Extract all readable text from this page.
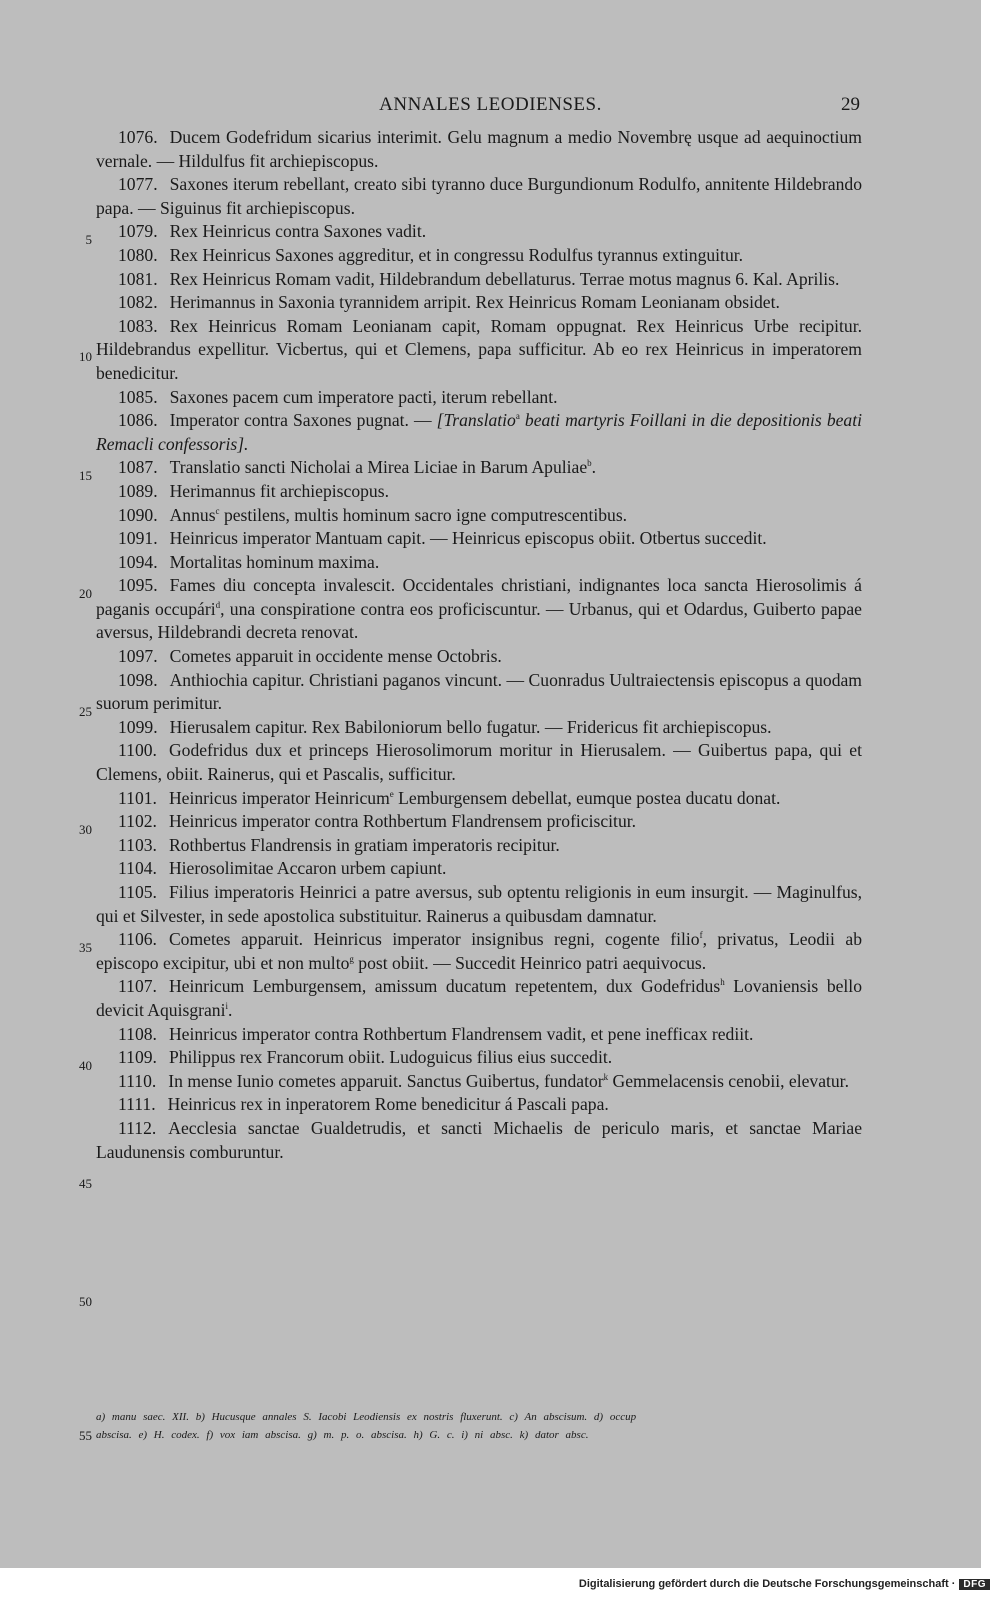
ANNALES LEODIENSES.	29
5
10
15
20
25
30
35
40
45
50
55

1076. Ducem Godefridum sicarius interimit. Gelu magnum a medio Novembrę usque ad aequinoctium vernale. — Hildulfus fit archiepiscopus.

1077. Saxones iterum rebellant, creato sibi tyranno duce Burgundionum Rodulfo, annitente Hildebrando papa. — Siguinus fit archiepiscopus.

1079. Rex Heinricus contra Saxones vadit.

1080. Rex Heinricus Saxones aggreditur, et in congressu Rodulfus tyrannus extinguitur.

1081. Rex Heinricus Romam vadit, Hildebrandum debellaturus. Terrae motus magnus 6. Kal. Aprilis.

1082. Herimannus in Saxonia tyrannidem arripit. Rex Heinricus Romam Leonianam obsidet.

1083. Rex Heinricus Romam Leonianam capit, Romam oppugnat. Rex Heinricus Urbe recipitur. Hildebrandus expellitur. Vicbertus, qui et Clemens, papa sufficitur. Ab eo rex Heinricus in imperatorem benedicitur.

1085. Saxones pacem cum imperatore pacti, iterum rebellant.

1086. Imperator contra Saxones pugnat. — [Translatio$^a$ beati martyris Foillani in die depositionis beati Remacli confessoris].

1087. Translatio sancti Nicholai a Mirea Liciae in Barum Apuliae$^b$.

1089. Herimannus fit archiepiscopus.

1090. Annus$^c$ pestilens, multis hominum sacro igne computrescentibus.

1091. Heinricus imperator Mantuam capit. — Heinricus episcopus obiit. Otbertus succedit.

1094. Mortalitas hominum maxima.

1095. Fames diu concepta invalescit. Occidentales christiani, indignantes loca sancta Hierosolimis á paganis occupári$^d$, una conspiratione contra eos proficiscuntur. — Urbanus, qui et Odardus, Guiberto papae aversus, Hildebrandi decreta renovat.

1097. Cometes apparuit in occidente mense Octobris.

1098. Anthiochia capitur. Christiani paganos vincunt. — Cuonradus Uultraiectensis episcopus a quodam suorum perimitur.

1099. Hierusalem capitur. Rex Babiloniorum bello fugatur. — Fridericus fit archiepiscopus.

1100. Godefridus dux et princeps Hierosolimorum moritur in Hierusalem. — Guibertus papa, qui et Clemens, obiit. Rainerus, qui et Pascalis, sufficitur.

1101. Heinricus imperator Heinricum$^e$ Lemburgensem debellat, eumque postea ducatu donat.

1102. Heinricus imperator contra Rothbertum Flandrensem proficiscitur.

1103. Rothbertus Flandrensis in gratiam imperatoris recipitur.

1104. Hierosolimitae Accaron urbem capiunt.

1105. Filius imperatoris Heinrici a patre aversus, sub optentu religionis in eum insurgit. — Maginulfus, qui et Silvester, in sede apostolica substituitur. Rainerus a quibusdam damnatur.

1106. Cometes apparuit. Heinricus imperator insignibus regni, cogente filio$^f$, privatus, Leodii ab episcopo excipitur, ubi et non multo$^g$ post obiit. — Succedit Heinrico patri aequivocus.

1107. Heinricum Lemburgensem, amissum ducatum repetentem, dux Godefridus$^h$ Lovaniensis bello devicit Aquisgrani$^i$.

1108. Heinricus imperator contra Rothbertum Flandrensem vadit, et pene inefficax rediit.

1109. Philippus rex Francorum obiit. Ludoguicus filius eius succedit.

1110. In mense Iunio cometes apparuit. Sanctus Guibertus, fundator$^k$ Gemmelacensis cenobii, elevatur.

1111. Heinricus rex in inperatorem Rome benedicitur á Pascali papa.

1112. Aecclesia sanctae Gualdetrudis, et sancti Michaelis de periculo maris, et sanctae Mariae Laudunensis comburuntur.

a) manu saec. XII. b) Hucusque annales S. Iacobi Leodiensis ex nostris fluxerunt. c) An abscisum. d) occup
abscisa. e) H. codex. f) vox iam abscisa. g) m. p. o. abscisa. h) G. c. i) ni absc. k) dator absc.
Digitalisierung gefördert durch die Deutsche Forschungsgemeinschaft · DFG
